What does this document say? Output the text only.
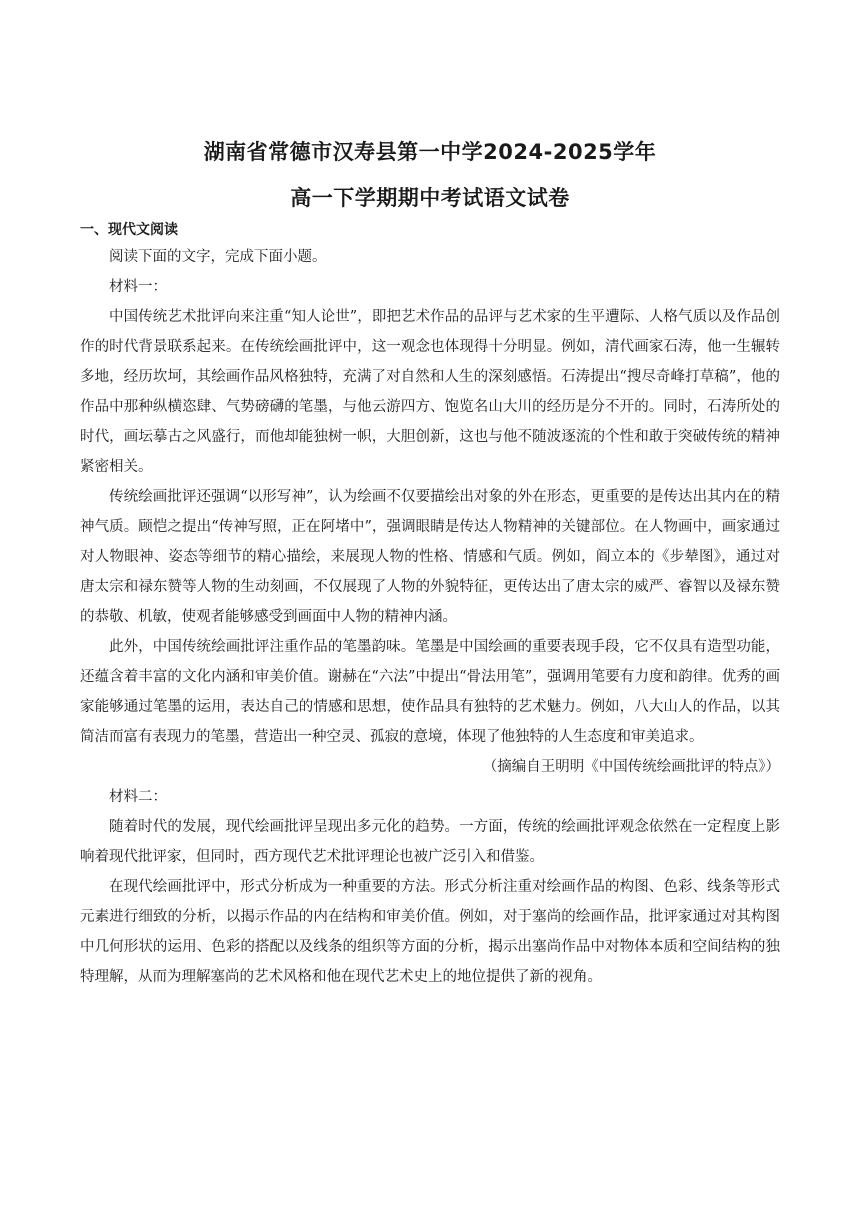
湖南省常德市汉寿县第一中学2024-2025学年
高一下学期期中考试语文试卷
一、现代文阅读

阅读下面的文字，完成下面小题。

材料一：

中国传统艺术批评向来注重“知人论世”，即把艺术作品的品评与艺术家的生平遭际、人格气质以及作品创作的时代背景联系起来。在传统绘画批评中，这一观念也体现得十分明显。例如，清代画家石涛，他一生辗转多地，经历坎坷，其绘画作品风格独特，充满了对自然和人生的深刻感悟。石涛提出“搜尽奇峰打草稿”，他的作品中那种纵横恣肆、气势磅礴的笔墨，与他云游四方、饱览名山大川的经历是分不开的。同时，石涛所处的时代，画坛摹古之风盛行，而他却能独树一帜，大胆创新，这也与他不随波逐流的个性和敢于突破传统的精神紧密相关。

传统绘画批评还强调“以形写神”，认为绘画不仅要描绘出对象的外在形态，更重要的是传达出其内在的精神气质。顾恺之提出“传神写照，正在阿堵中”，强调眼睛是传达人物精神的关键部位。在人物画中，画家通过对人物眼神、姿态等细节的精心描绘，来展现人物的性格、情感和气质。例如，阎立本的《步辇图》，通过对唐太宗和禄东赞等人物的生动刻画，不仅展现了人物的外貌特征，更传达出了唐太宗的威严、睿智以及禄东赞的恭敬、机敏，使观者能够感受到画面中人物的精神内涵。

此外，中国传统绘画批评注重作品的笔墨韵味。笔墨是中国绘画的重要表现手段，它不仅具有造型功能，还蕴含着丰富的文化内涵和审美价值。谢赫在“六法”中提出“骨法用笔”，强调用笔要有力度和韵律。优秀的画家能够通过笔墨的运用，表达自己的情感和思想，使作品具有独特的艺术魅力。例如，八大山人的作品，以其简洁而富有表现力的笔墨，营造出一种空灵、孤寂的意境，体现了他独特的人生态度和审美追求。

（摘编自王明明《中国传统绘画批评的特点》）

材料二：

随着时代的发展，现代绘画批评呈现出多元化的趋势。一方面，传统的绘画批评观念依然在一定程度上影响着现代批评家，但同时，西方现代艺术批评理论也被广泛引入和借鉴。

在现代绘画批评中，形式分析成为一种重要的方法。形式分析注重对绘画作品的构图、色彩、线条等形式元素进行细致的分析，以揭示作品的内在结构和审美价值。例如，对于塞尚的绘画作品，批评家通过对其构图中几何形状的运用、色彩的搭配以及线条的组织等方面的分析，揭示出塞尚作品中对物体本质和空间结构的独特理解，从而为理解塞尚的艺术风格和他在现代艺术史上的地位提供了新的视角。
